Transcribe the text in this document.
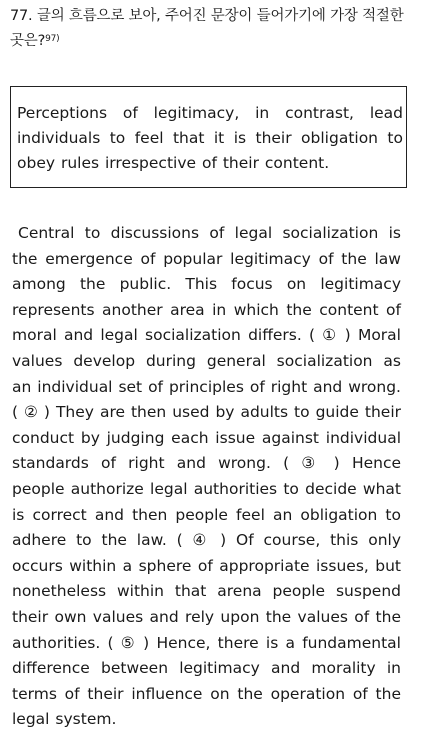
77. 글의 흐름으로 보아, 주어진 문장이 들어가기에 가장 적절한 곳은?$^{97)}$
Perceptions of legitimacy, in contrast, lead individuals to feel that it is their obligation to obey rules irrespective of their content.
Central to discussions of legal socialization is the emergence of popular legitimacy of the law among the public. This focus on legitimacy represents another area in which the content of moral and legal socialization differs. ( ① ) Moral values develop during general socialization as an individual set of principles of right and wrong. ( ② ) They are then used by adults to guide their conduct by judging each issue against individual standards of right and wrong. ( ③ ) Hence people authorize legal authorities to decide what is correct and then people feel an obligation to adhere to the law. ( ④ ) Of course, this only occurs within a sphere of appropriate issues, but nonetheless within that arena people suspend their own values and rely upon the values of the authorities. ( ⑤ ) Hence, there is a fundamental difference between legitimacy and morality in terms of their influence on the operation of the legal system.
